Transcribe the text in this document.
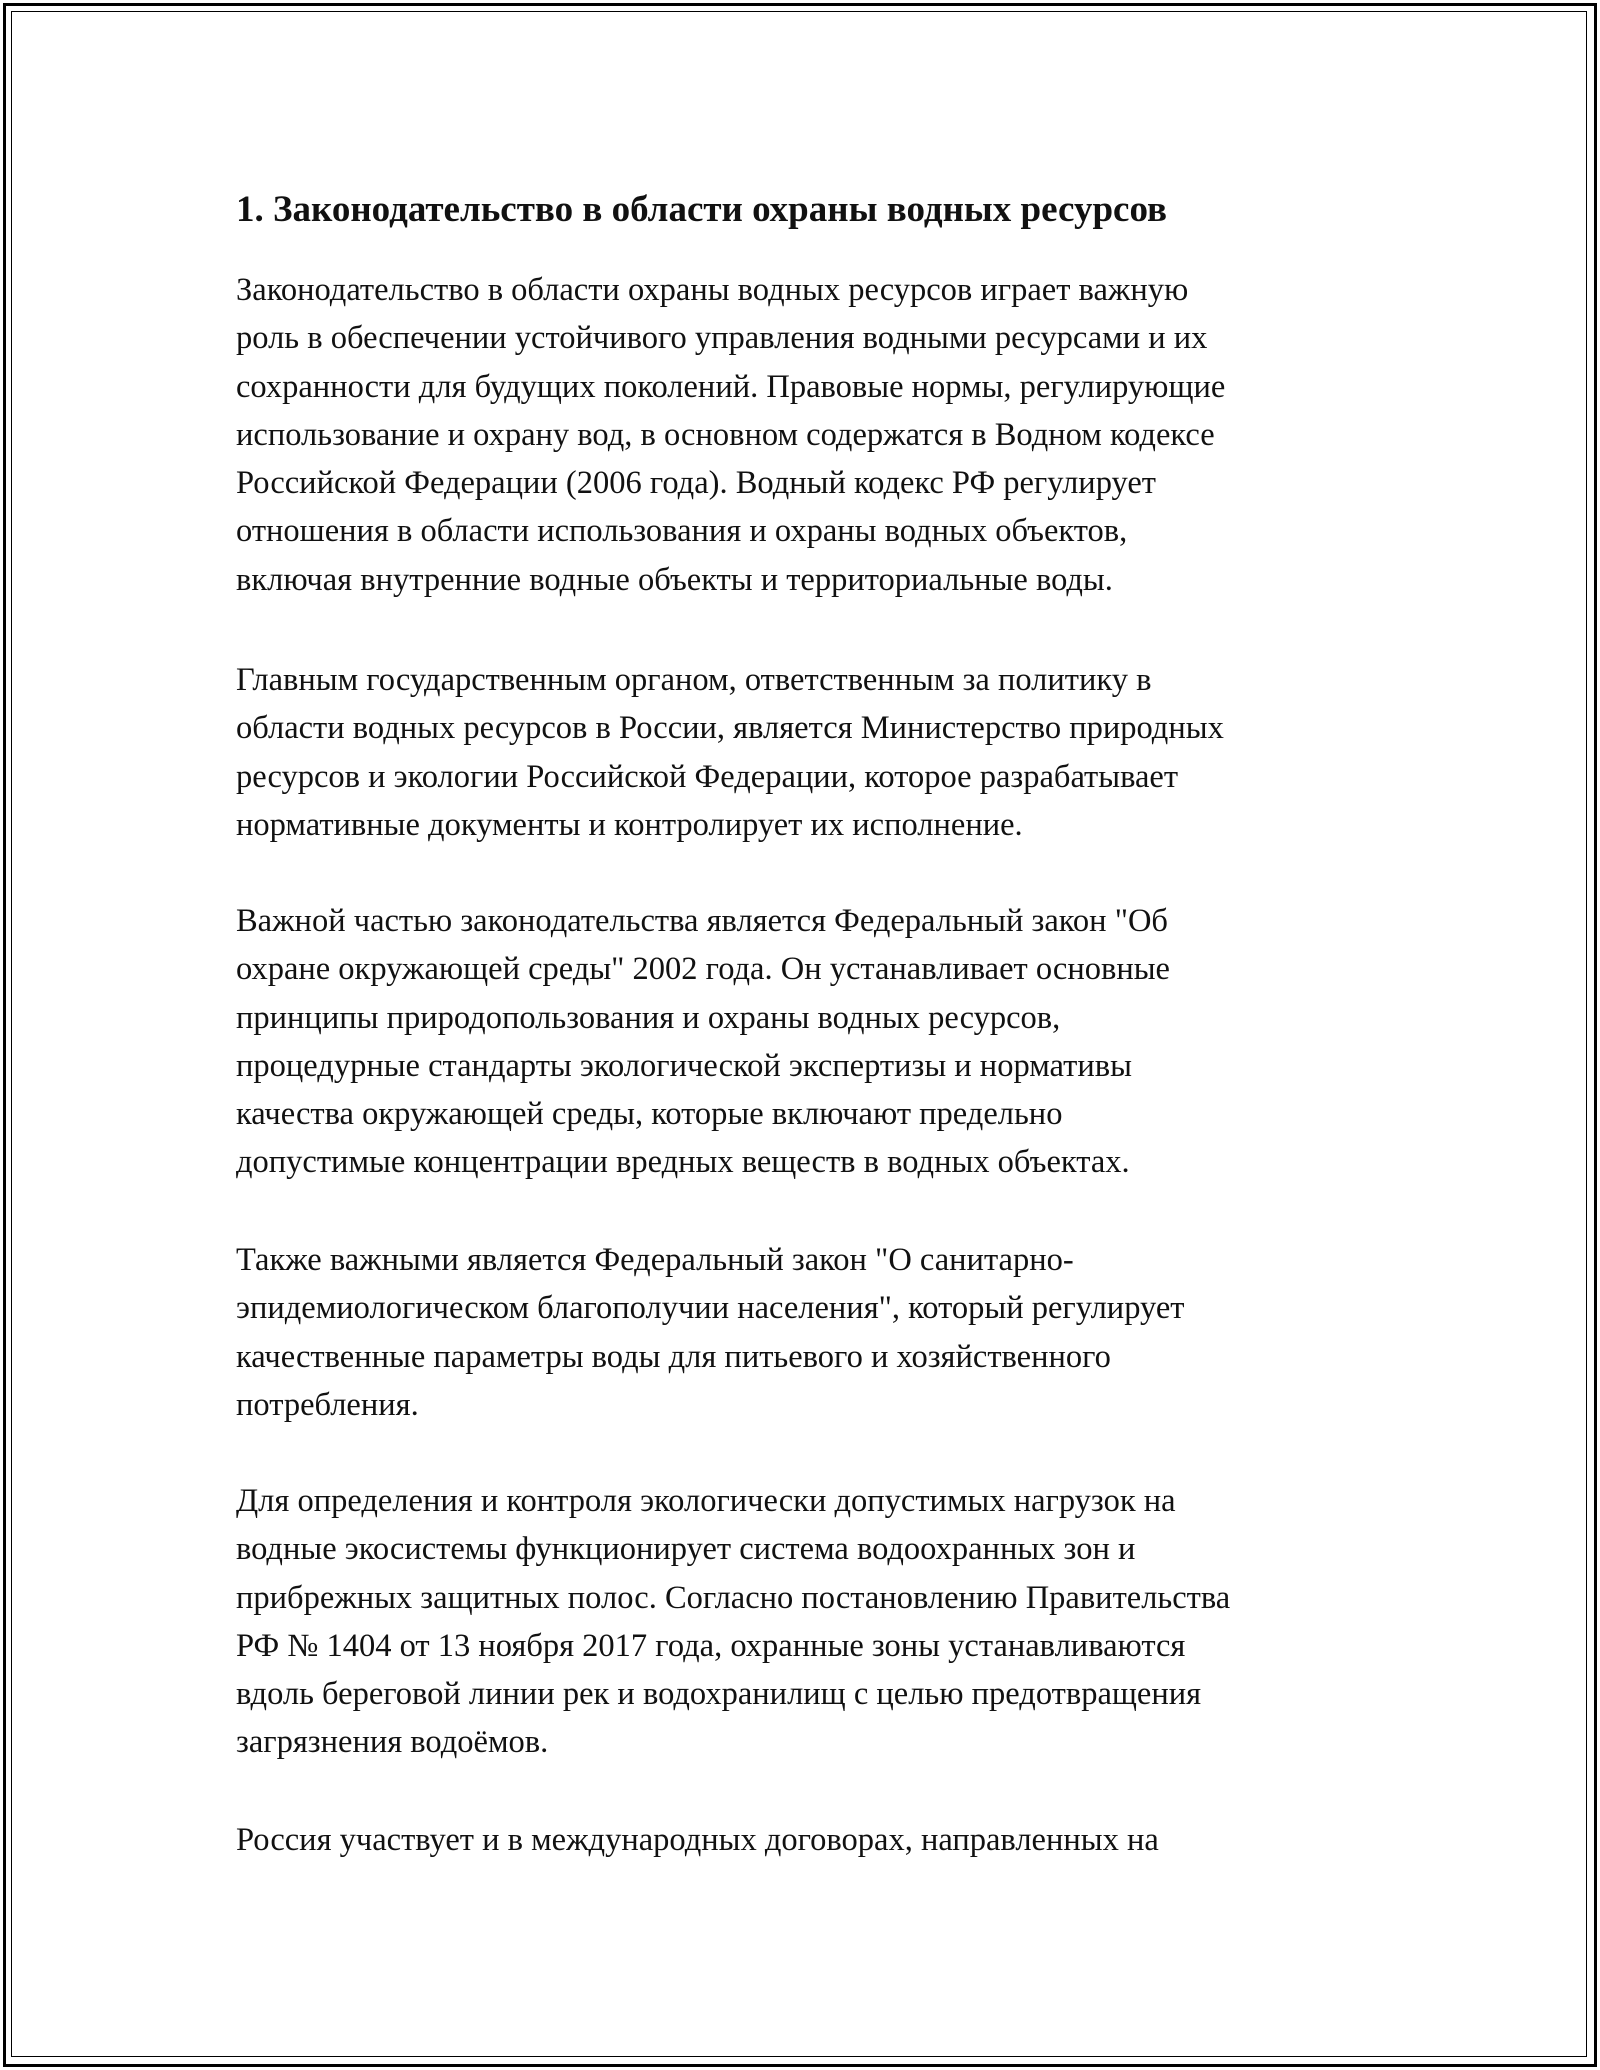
1. Законодательство в области охраны водных ресурсов

Законодательство в области охраны водных ресурсов играет важную
роль в обеспечении устойчивого управления водными ресурсами и их
сохранности для будущих поколений. Правовые нормы, регулирующие
использование и охрану вод, в основном содержатся в Водном кодексе
Российской Федерации (2006 года). Водный кодекс РФ регулирует
отношения в области использования и охраны водных объектов,
включая внутренние водные объекты и территориальные воды.

Главным государственным органом, ответственным за политику в
области водных ресурсов в России, является Министерство природных
ресурсов и экологии Российской Федерации, которое разрабатывает
нормативные документы и контролирует их исполнение.

Важной частью законодательства является Федеральный закон "Об
охране окружающей среды" 2002 года. Он устанавливает основные
принципы природопользования и охраны водных ресурсов,
процедурные стандарты экологической экспертизы и нормативы
качества окружающей среды, которые включают предельно
допустимые концентрации вредных веществ в водных объектах.

Также важными является Федеральный закон "О санитарно-
эпидемиологическом благополучии населения", который регулирует
качественные параметры воды для питьевого и хозяйственного
потребления.

Для определения и контроля экологически допустимых нагрузок на
водные экосистемы функционирует система водоохранных зон и
прибрежных защитных полос. Согласно постановлению Правительства
РФ № 1404 от 13 ноября 2017 года, охранные зоны устанавливаются
вдоль береговой линии рек и водохранилищ с целью предотвращения
загрязнения водоёмов.

Россия участвует и в международных договорах, направленных на
